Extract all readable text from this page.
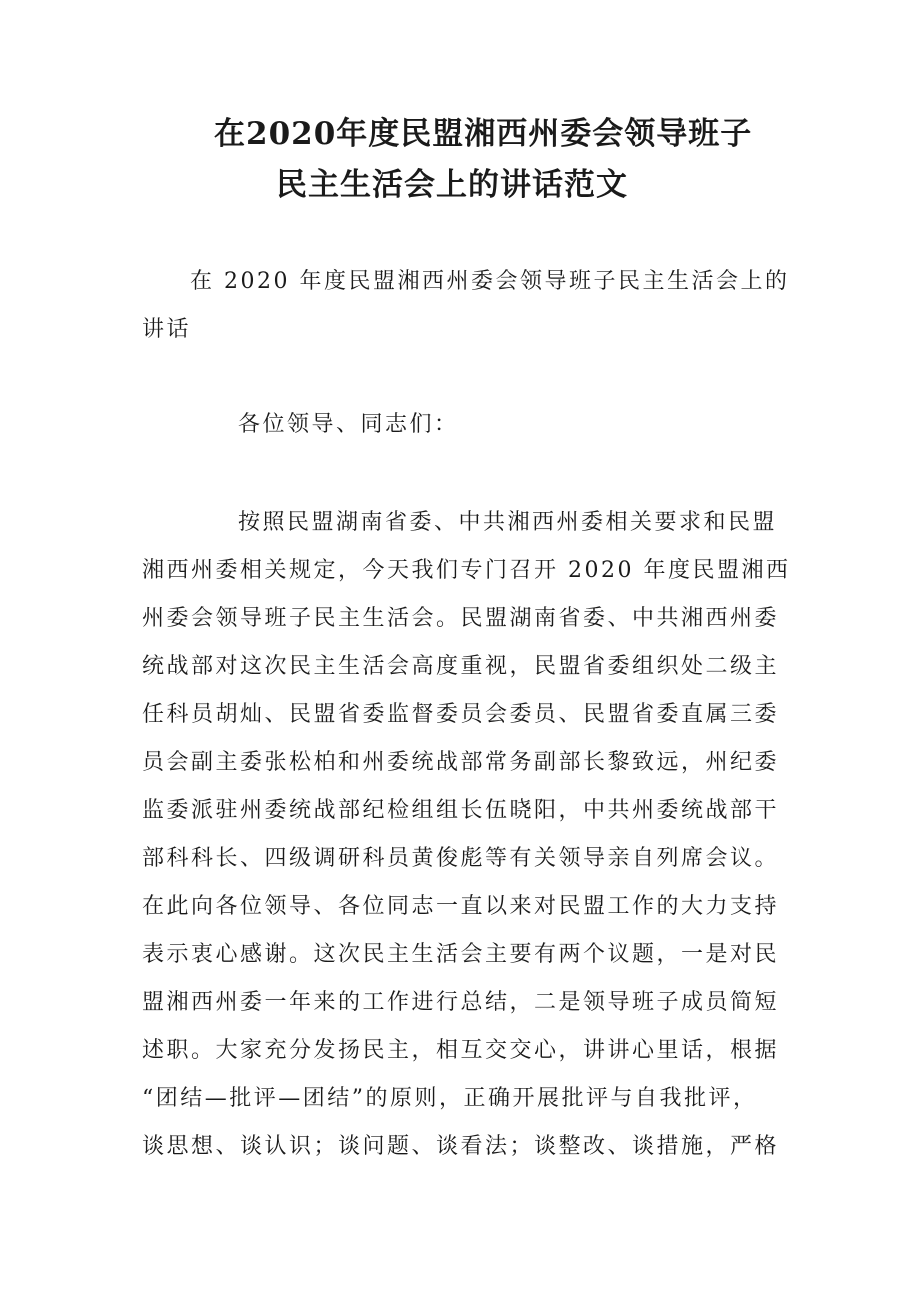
在2020年度民盟湘西州委会领导班子
民主生活会上的讲话范文
在 2020 年度民盟湘西州委会领导班子民主生活会上的
讲话
各位领导、同志们：
按照民盟湖南省委、中共湘西州委相关要求和民盟
湘西州委相关规定，今天我们专门召开 2020 年度民盟湘西
州委会领导班子民主生活会。民盟湖南省委、中共湘西州委
统战部对这次民主生活会高度重视，民盟省委组织处二级主
任科员胡灿、民盟省委监督委员会委员、民盟省委直属三委
员会副主委张松柏和州委统战部常务副部长黎致远，州纪委
监委派驻州委统战部纪检组组长伍晓阳，中共州委统战部干
部科科长、四级调研科员黄俊彪等有关领导亲自列席会议。
在此向各位领导、各位同志一直以来对民盟工作的大力支持
表示衷心感谢。这次民主生活会主要有两个议题，一是对民
盟湘西州委一年来的工作进行总结，二是领导班子成员简短
述职。大家充分发扬民主，相互交交心，讲讲心里话，根据
“团结—批评—团结”的原则，正确开展批评与自我批评，
谈思想、谈认识；谈问题、谈看法；谈整改、谈措施，严格
